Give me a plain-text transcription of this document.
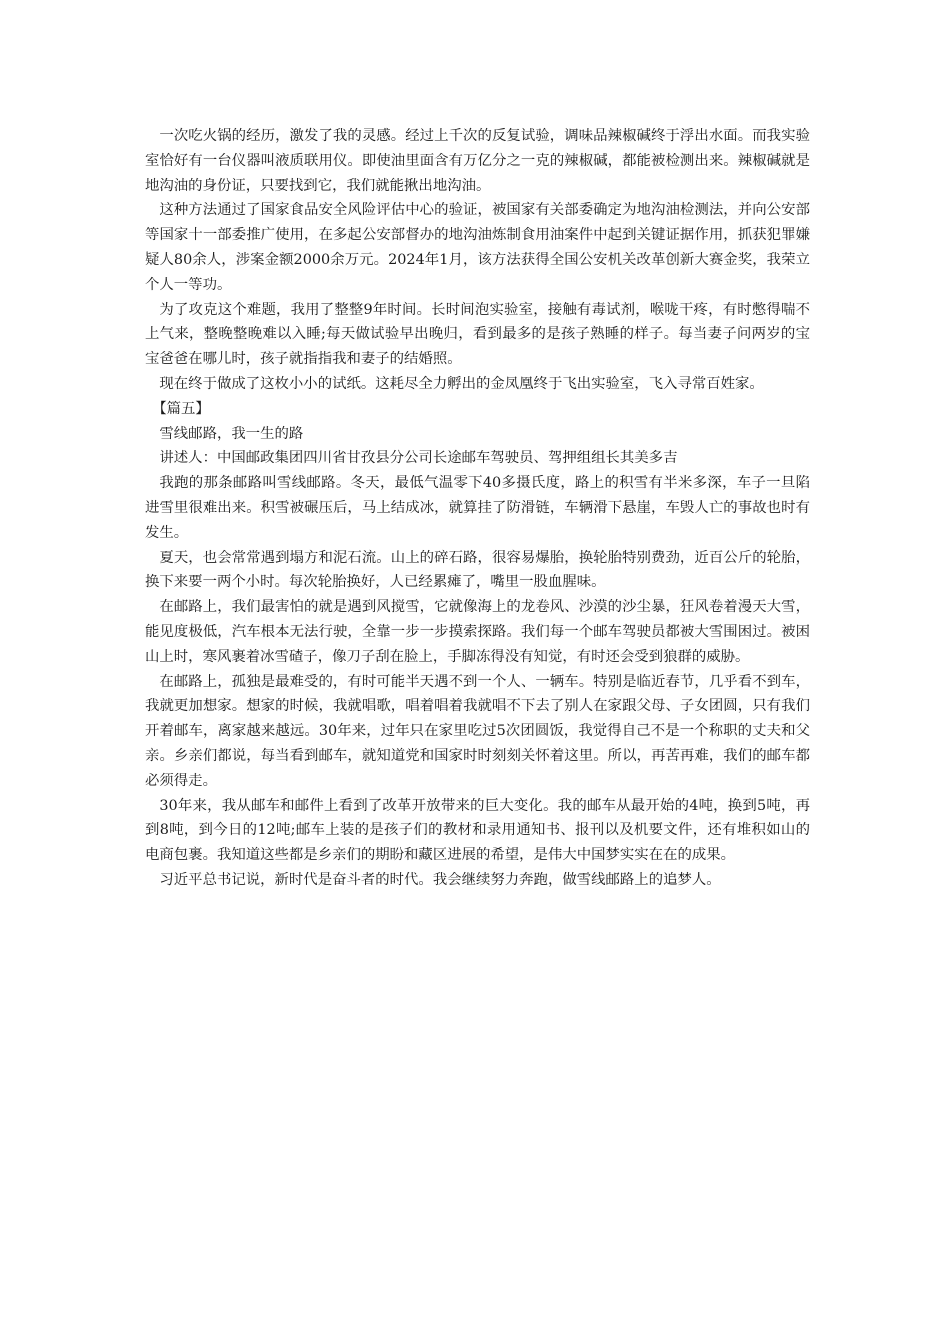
一次吃火锅的经历，激发了我的灵感。经过上千次的反复试验，调味品辣椒碱终于浮出水面。而我实验室恰好有一台仪器叫液质联用仪。即使油里面含有万亿分之一克的辣椒碱，都能被检测出来。辣椒碱就是地沟油的身份证，只要找到它，我们就能揪出地沟油。

这种方法通过了国家食品安全风险评估中心的验证，被国家有关部委确定为地沟油检测法，并向公安部等国家十一部委推广使用，在多起公安部督办的地沟油炼制食用油案件中起到关键证据作用，抓获犯罪嫌疑人80余人，涉案金额2000余万元。2024年1月，该方法获得全国公安机关改革创新大赛金奖，我荣立个人一等功。

为了攻克这个难题，我用了整整9年时间。长时间泡实验室，接触有毒试剂，喉咙干疼，有时憋得喘不上气来，整晚整晚难以入睡;每天做试验早出晚归，看到最多的是孩子熟睡的样子。每当妻子问两岁的宝宝爸爸在哪儿时，孩子就指指我和妻子的结婚照。

现在终于做成了这枚小小的试纸。这耗尽全力孵出的金凤凰终于飞出实验室，飞入寻常百姓家。

【篇五】

雪线邮路，我一生的路

讲述人：中国邮政集团四川省甘孜县分公司长途邮车驾驶员、驾押组组长其美多吉

我跑的那条邮路叫雪线邮路。冬天，最低气温零下40多摄氏度，路上的积雪有半米多深，车子一旦陷进雪里很难出来。积雪被碾压后，马上结成冰，就算挂了防滑链，车辆滑下悬崖，车毁人亡的事故也时有发生。

夏天，也会常常遇到塌方和泥石流。山上的碎石路，很容易爆胎，换轮胎特别费劲，近百公斤的轮胎，换下来要一两个小时。每次轮胎换好，人已经累瘫了，嘴里一股血腥味。

在邮路上，我们最害怕的就是遇到风搅雪，它就像海上的龙卷风、沙漠的沙尘暴，狂风卷着漫天大雪，能见度极低，汽车根本无法行驶，全靠一步一步摸索探路。我们每一个邮车驾驶员都被大雪围困过。被困山上时，寒风裹着冰雪碴子，像刀子刮在脸上，手脚冻得没有知觉，有时还会受到狼群的威胁。

在邮路上，孤独是最难受的，有时可能半天遇不到一个人、一辆车。特别是临近春节，几乎看不到车，我就更加想家。想家的时候，我就唱歌，唱着唱着我就唱不下去了别人在家跟父母、子女团圆，只有我们开着邮车，离家越来越远。30年来，过年只在家里吃过5次团圆饭，我觉得自己不是一个称职的丈夫和父亲。乡亲们都说，每当看到邮车，就知道党和国家时时刻刻关怀着这里。所以，再苦再难，我们的邮车都必须得走。

30年来，我从邮车和邮件上看到了改革开放带来的巨大变化。我的邮车从最开始的4吨，换到5吨，再到8吨，到今日的12吨;邮车上装的是孩子们的教材和录用通知书、报刊以及机要文件，还有堆积如山的电商包裹。我知道这些都是乡亲们的期盼和藏区进展的希望，是伟大中国梦实实在在的成果。

习近平总书记说，新时代是奋斗者的时代。我会继续努力奔跑，做雪线邮路上的追梦人。
